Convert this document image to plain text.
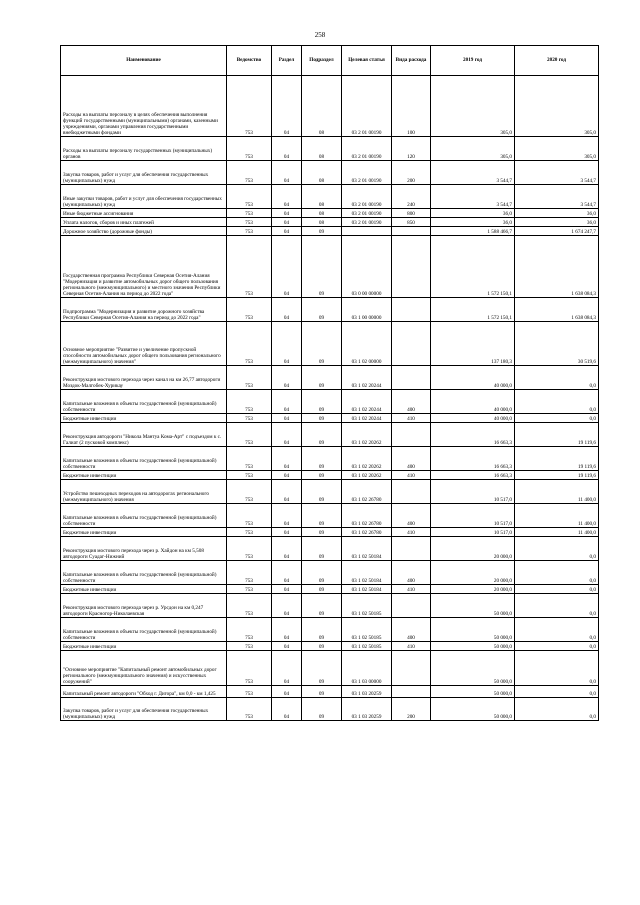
258
Наименование	Ведомство	Раздел	Подраздел	Целевая статья	Вида расхода	2019 год	2020 год
Расходы на выплаты персоналу в целях обеспечения выполнения функций государственными (муниципальными) органами, казенными учреждениями, органами управления государственными внебюджетными фондами	753	04	08	03 2 01 00190	100	305,0	305,0
Расходы на выплаты персоналу государственных (муниципальных) органов	753	04	08	03 2 01 00190	120	305,0	305,0
Закупка товаров, работ и услуг для обеспечения государственных (муниципальных) нужд	753	04	08	03 2 01 00190	200	3 544,7	3 544,7
Иные закупки товаров, работ и услуг для обеспечения государственных (муниципальных) нужд	753	04	08	03 2 01 00190	240	3 544,7	3 544,7
Иные бюджетные ассигнования	753	04	08	03 2 01 00190	800	36,0	36,0
Уплата налогов, сборов и иных платежей	753	04	08	03 2 01 00190	850	36,0	36,0
Дорожное хозяйство (дорожные фонды)	753	04	09			1 588 466,7	1 674 247,7
Государственная программа Республики Северная Осетия-Алания "Модернизация и развитие автомобильных дорог общего пользования регионального (межмуниципального) и местного значения Республики Северная Осетия-Алания на период до 2022 года"	753	04	09	03 0 00 00000		1 572 150,1	1 638 084,3
Подпрограмма "Модернизация и развитие дорожного хозяйства Республики Северная Осетия-Алания на период до 2022 года"	753	04	09	03 1 00 00000		1 572 150,1	1 638 084,3
Основное мероприятие "Развитие и увеличение пропускной способности автомобильных дорог общего пользования регионального (межмуниципального) значения"	753	04	09	03 1 02 00000		137 180,3	30 519,6
Реконструкция мостового перехода через канал на км 26,77 автодороги Моздок-Малгобек-Хурикау	753	04	09	03 1 02 20244		40 000,0	0,0
Капитальные вложения в объекты государственной (муниципальной) собственности	753	04	09	03 1 02 20244	400	40 000,0	0,0
Бюджетные инвестиции	753	04	09	03 1 02 20244	410	40 000,0	0,0
Реконструкция автодороги "Никола Мантуа Кома-Арт" с подъездом к с. Галиат (2 пусковой комплекс)	753	04	09	03 1 02 20262		16 663,3	19 119,6
Капитальные вложения в объекты государственной (муниципальной) собственности	753	04	09	03 1 02 20262	400	16 663,3	19 119,6
Бюджетные инвестиции	753	04	09	03 1 02 20262	410	16 663,3	19 119,6
Устройство пешеходных переходов на автодорогах регионального (межмуниципального) значения	753	04	09	03 1 02 26780		10 517,0	11 400,0
Капитальные вложения в объекты государственной (муниципальной) собственности	753	04	09	03 1 02 26780	400	10 517,0	11 400,0
Бюджетные инвестиции	753	04	09	03 1 02 26780	410	10 517,0	11 400,0
Реконструкция мостового перехода через р. Хайдон на км 5,508 автодороги Суадаг-Нижний	753	04	09	03 1 02 50184		20 000,0	0,0
Капитальные вложения в объекты государственной (муниципальной) собственности	753	04	09	03 1 02 50184	400	20 000,0	0,0
Бюджетные инвестиции	753	04	09	03 1 02 50184	410	20 000,0	0,0
Реконструкция мостового перехода через р. Урсдон на км 0,247 автодороги Красногор-Николаевская	753	04	09	03 1 02 50185		50 000,0	0,0
Капитальные вложения в объекты государственной (муниципальной) собственности	753	04	09	03 1 02 50185	400	50 000,0	0,0
Бюджетные инвестиции	753	04	09	03 1 02 50185	410	50 000,0	0,0
"Основное мероприятие "Капитальный ремонт автомобильных дорог регионального (межмуниципального значения) и искусственных сооружений"	753	04	09	03 1 03 00000		50 000,0	0,0
Капитальный ремонт автодороги "Обход г. Дигора", км 0,0 - км 1,425	753	04	09	03 1 03 20259		50 000,0	0,0
Закупка товаров, работ и услуг для обеспечения государственных (муниципальных) нужд	753	04	09	03 1 03 20259	200	50 000,0	0,0
